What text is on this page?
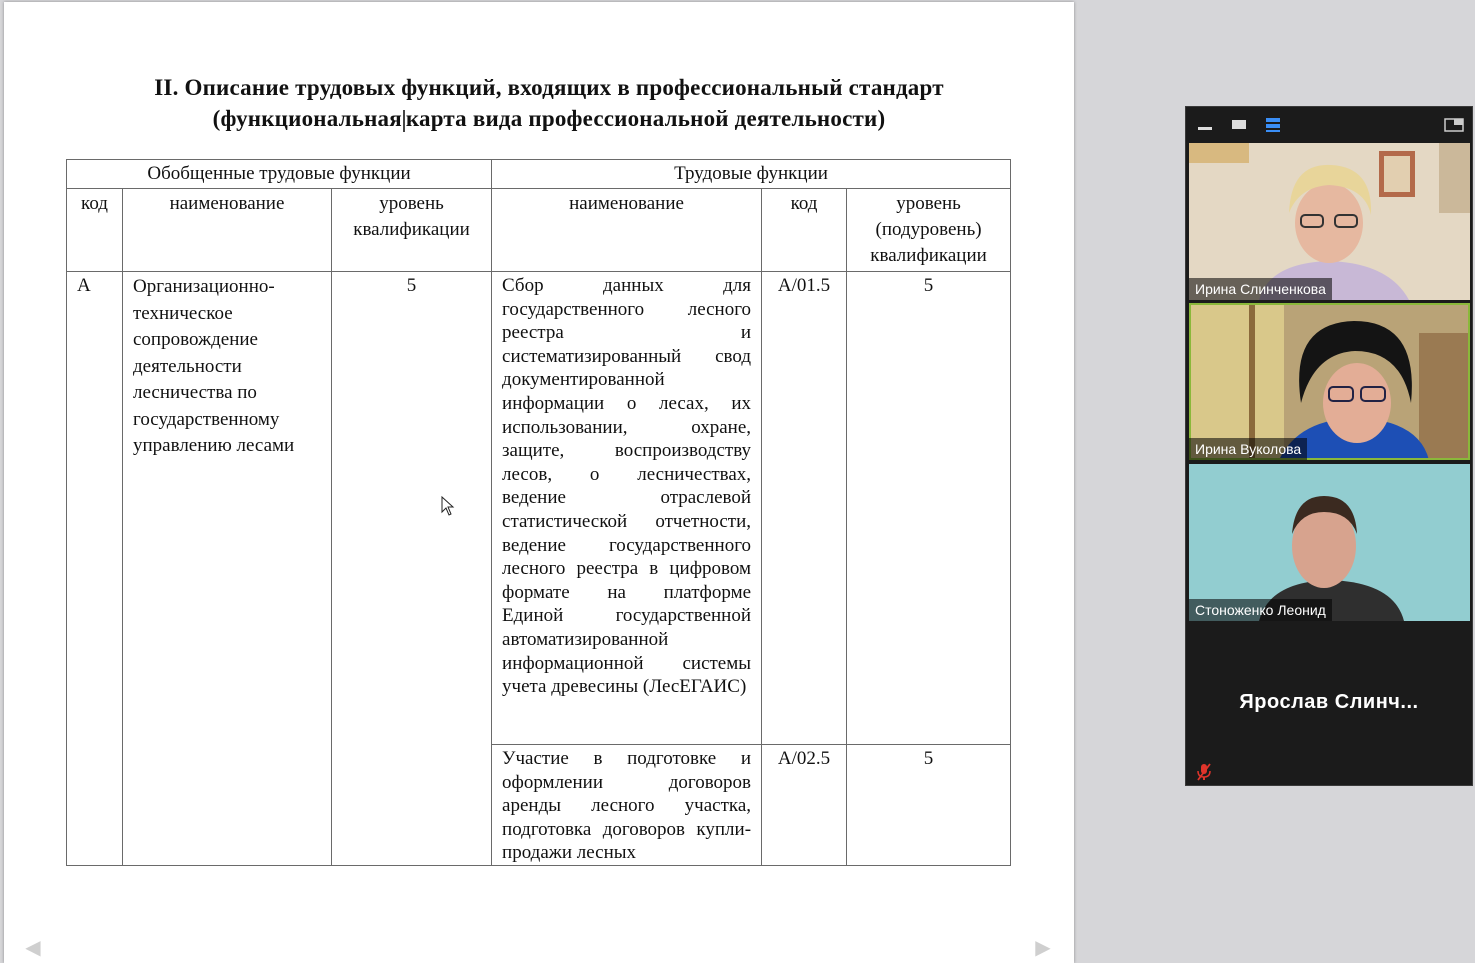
II. Описание трудовых функций, входящих в профессиональный стандарт
(функциональная карта вида профессиональной деятельности)
Обобщенные трудовые функции			Трудовые функции		
код	наименование	уровень квалификации	наименование	код	уровень (подуровень) квалификации
А	Организационно-техническое сопровождение деятельности лесничества по государственному управлению лесами	5	Сбор данных для государственного лесного реестра и систематизированный свод документированной информации о лесах, их использовании, охране, защите, воспроизводству лесов, о лесничествах, ведение отраслевой статистической отчетности, ведение государственного лесного реестра в цифровом формате на платформе Единой государственной автоматизированной информационной системы учета древесины (ЛесЕГАИС)	А/01.5	5

			Участие в подготовке и оформлении договоров аренды лесного участка, подготовка договоров купли-продажи лесных	А/02.5	5
◀	▶
Ирина Слинченкова
Ирина Вуколова
Стоноженко Леонид
Ярослав Слинч...
